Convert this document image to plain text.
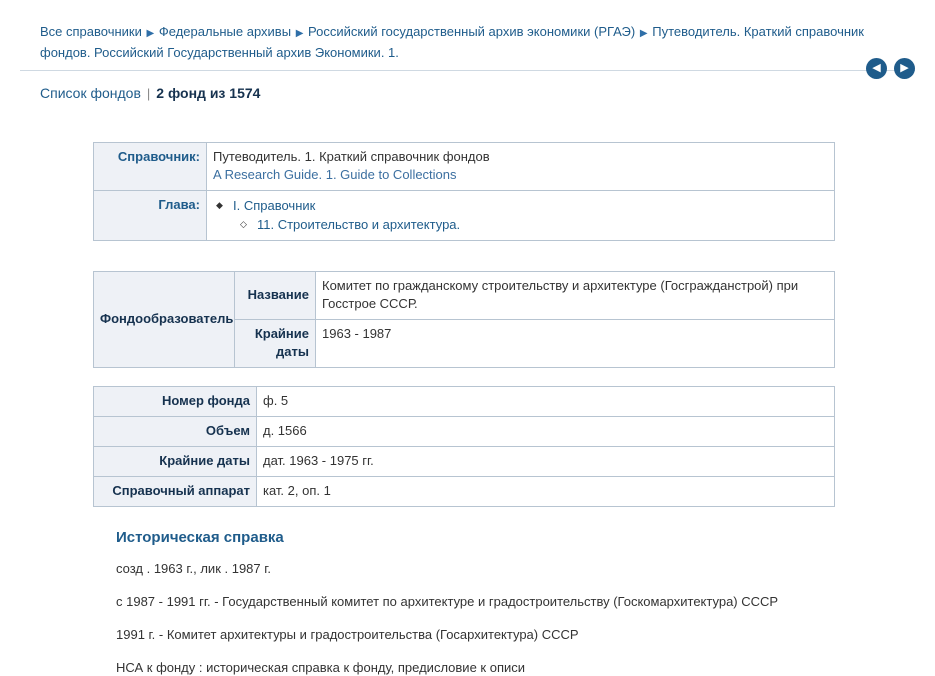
Все справочники ▶ Федеральные архивы ▶ Российский государственный архив экономики (РГАЭ) ▶ Путеводитель. Краткий справочник фондов. Российский Государственный архив Экономики. 1.
Список фондов | 2 фонд из 1574
◀	▶
Справочник:	Путеводитель. 1. Краткий справочник фондов
A Research Guide. 1. Guide to Collections

Глава:	
◆I. Справочник
◇ 11. Строительство и архитектура.
Фондообразователь	Название	Комитет по гражданскому строительству и архитектуре (Госгражданстрой) при Госстрое СССР.
	Крайние даты	1963 - 1987
Номер фонда	ф. 5
Объем	д. 1566
Крайние даты	дат. 1963 - 1975 гг.
Справочный аппарат	кат. 2, оп. 1
Историческая справка

созд . 1963 г., лик . 1987 г.

с 1987 - 1991 гг. - Государственный комитет по архитектуре и градостроительству (Госкомархитектура) СССР

1991 г. - Комитет архитектуры и градостроительства (Госархитектура) СССР

НСА к фонду : историческая справка к фонду, предисловие к описи
